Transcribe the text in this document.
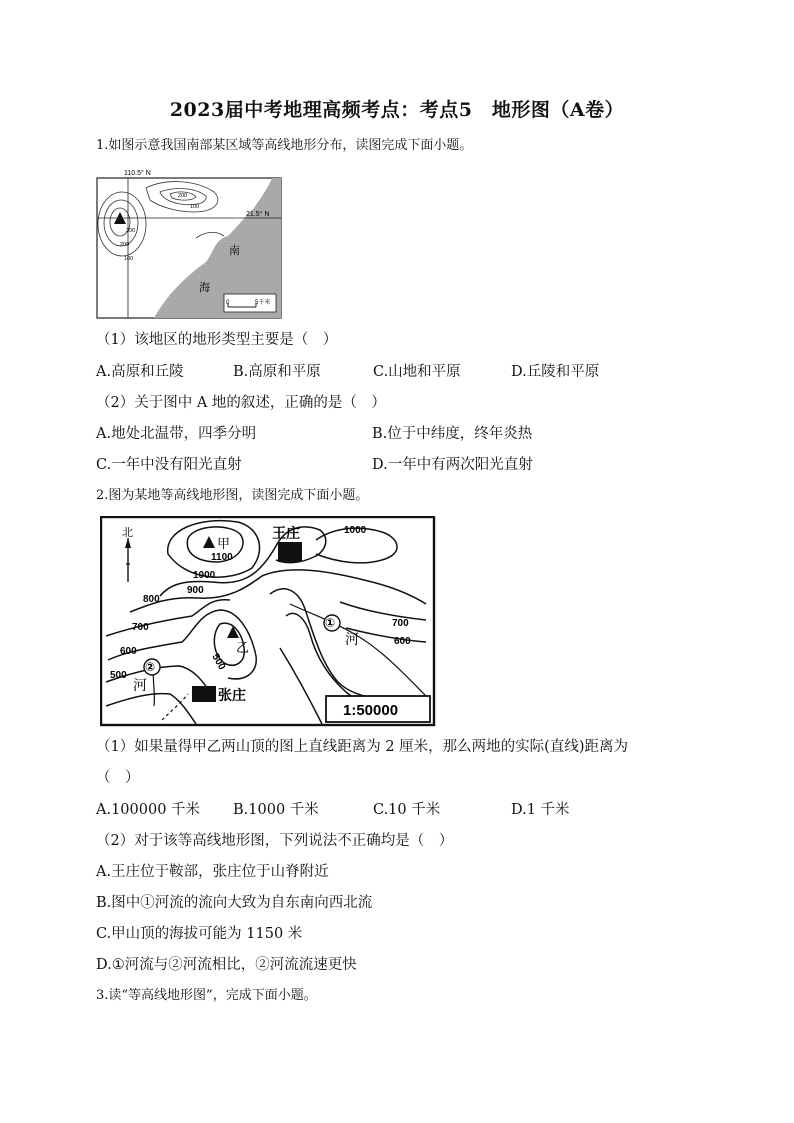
2023届中考地理高频考点：考点5　地形图（A卷）
1.如图示意我国南部某区域等高线地形分布，读图完成下面小题。
110.5° N
21.5° N
300
200
100
200
100
南
海
0	5千米
（1）该地区的地形类型主要是（　）
A.高原和丘陵	B.高原和平原	C.山地和平原	D.丘陵和平原
（2）关于图中 A 地的叙述，正确的是（　）
A.地处北温带，四季分明	B.位于中纬度，终年炎热
C.一年中没有阳光直射	D.一年中有两次阳光直射
2.图为某地等高线地形图，读图完成下面小题。
北
甲
乙
王庄
张庄
1100
1000
1000
900
800
700	700
600
600
500
500
①
河
②
河
1:50000
（1）如果量得甲乙两山顶的图上直线距离为 2 厘米，那么两地的实际(直线)距离为
（　）
A.100000 千米 B.1000 千米	C.10 千米	D.1 千米
（2）对于该等高线地形图，下列说法不正确均是（　）
A.王庄位于鞍部，张庄位于山脊附近
B.图中①河流的流向大致为自东南向西北流
C.甲山顶的海拔可能为 1150 米
D.①河流与②河流相比，②河流流速更快
3.读“等高线地形图”，完成下面小题。
